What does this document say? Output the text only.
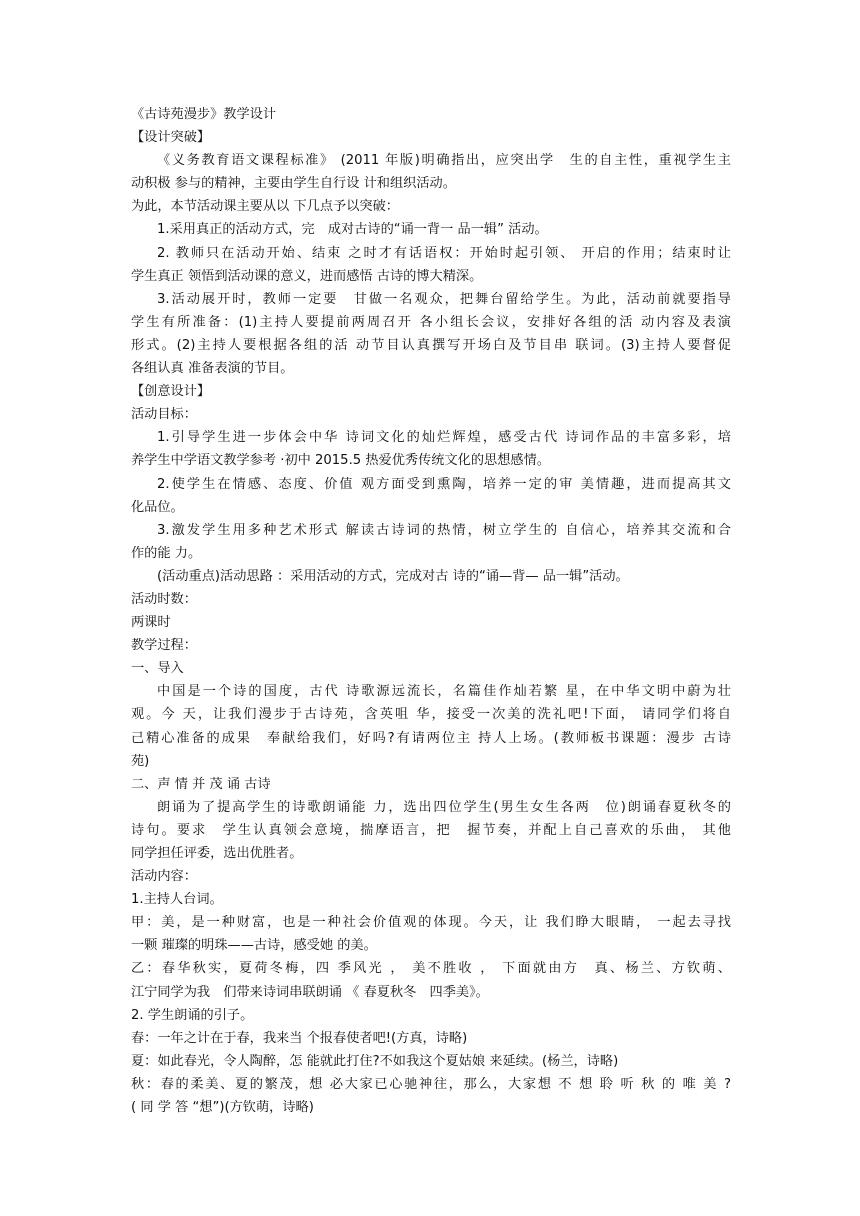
《古诗苑漫步》教学设计
【设计突破】
《义务教育语文课程标准》 (2011 年版)明确指出，应突出学　生的自主性，重视学生主
动积极 参与的精神，主要由学生自行设 计和组织活动。
为此，本节活动课主要从以 下几点予以突破：
1.采用真正的活动方式，完　成对古诗的“诵一背一 品一辑” 活动。
2. 教师只在活动开始、结束 之时才有话语权：开始时起引领、 开启的作用；结束时让
学生真正 领悟到活动课的意义，进而感悟 古诗的博大精深。
3.活动展开时，教师一定要　甘做一名观众，把舞台留给学生。为此，活动前就要指导
学生有所准备：(1)主持人要提前两周召开 各小组长会议，安排好各组的活 动内容及表演
形式。(2)主持人要根据各组的活 动节目认真撰写开场白及节目串 联词。(3)主持人要督促
各组认真 准备表演的节目。
【创意设计】
活动目标：
1.引导学生进一步体会中华 诗词文化的灿烂辉煌，感受古代 诗词作品的丰富多彩，培
养学生中学语文教学参考 ·初中 2015.5 热爱优秀传统文化的思想感情。
2.使学生在情感、态度、价值 观方面受到熏陶，培养一定的审 美情趣，进而提高其文
化品位。
3.激发学生用多种艺术形式 解读古诗词的热情，树立学生的 自信心，培养其交流和合
作的能 力。
(活动重点)活动思路 ：采用活动的方式，完成对古 诗的“诵—背— 品一辑”活动。
活动时数：
两课时
教学过程：
一、导入
中国是一个诗的国度，古代 诗歌源远流长，名篇佳作灿若繁 星，在中华文明中蔚为壮
观。今 天，让我们漫步于古诗苑，含英咀 华，接受一次美的洗礼吧!下面， 请同学们将自
己精心准备的成果　奉献给我们，好吗?有请两位主 持人上场。(教师板书课题：漫步 古诗
苑)
二、声 情 并 茂 诵 古诗
朗诵为了提高学生的诗歌朗诵能 力，选出四位学生(男生女生各两　位)朗诵春夏秋冬的
诗句。要求　学生认真领会意境，揣摩语言，把　握节奏，并配上自己喜欢的乐曲， 其他
同学担任评委，选出优胜者。
活动内容：
1.主持人台词。
甲：美，是一种财富，也是一种社会价值观的体现。今天，让 我们睁大眼睛， 一起去寻找
一颗 璀璨的明珠——古诗，感受她 的美。
乙：春华秋实，夏荷冬梅，四 季风光 ， 美不胜收 ， 下面就由方　真、杨兰、方钦萌、
江宁同学为我　们带来诗词串联朗诵 《 春夏秋冬　四季美》。
2. 学生朗诵的引子。
春：一年之计在于春，我来当 个报春使者吧!(方真，诗略)
夏：如此春光，令人陶醉，怎 能就此打住?不如我这个夏姑娘 来延续。(杨兰，诗略)
秋：春的柔美、夏的繁茂，想 必大家已心驰神往，那么，大家想 不 想 聆 听 秋 的 唯 美 ?
( 同 学 答 “想”)(方钦萌，诗略)
